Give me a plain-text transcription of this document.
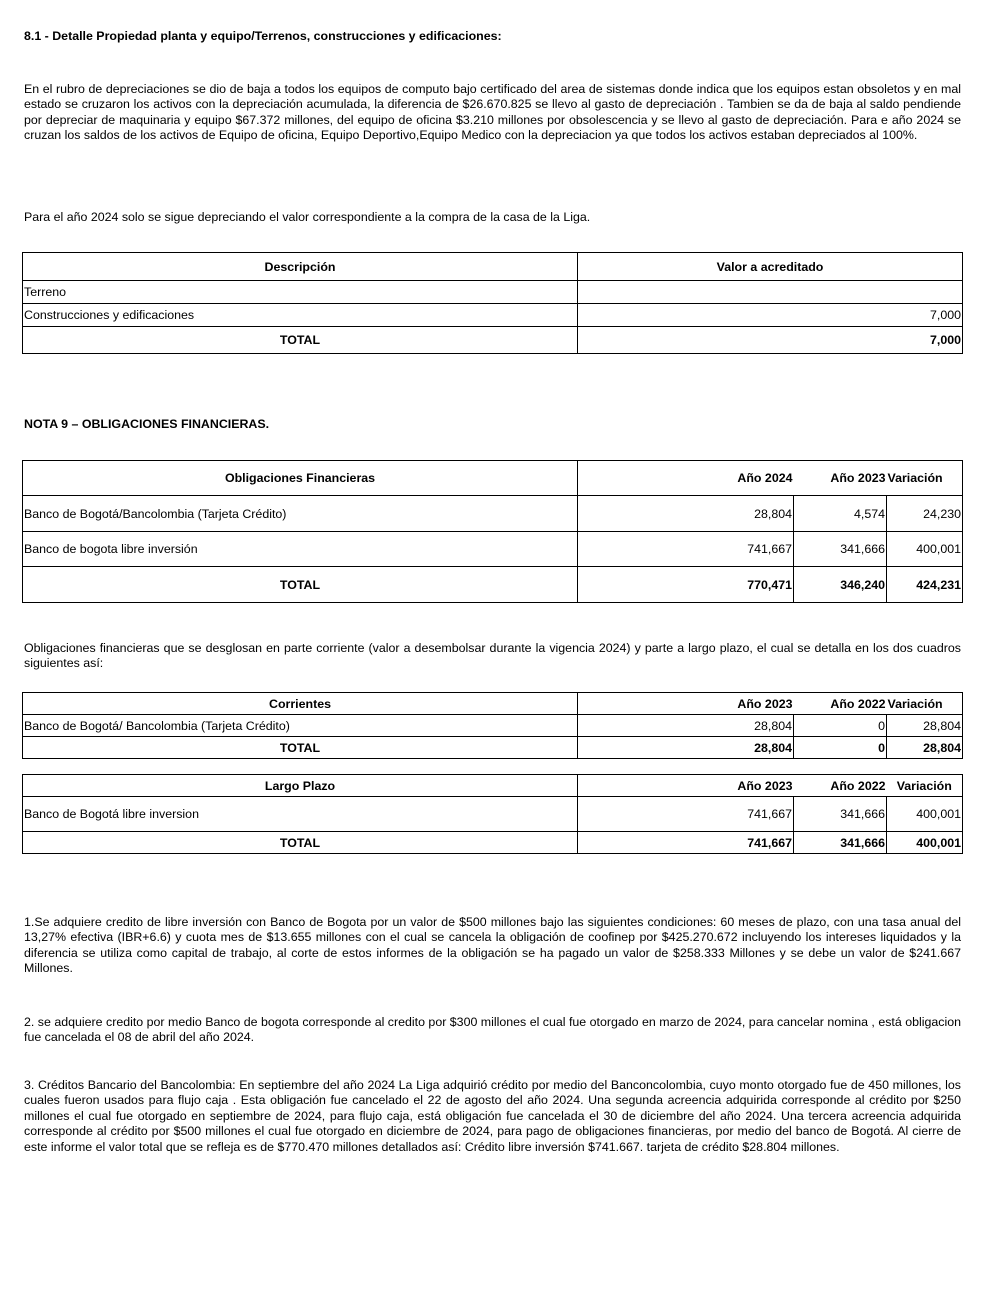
8.1 - Detalle Propiedad planta y equipo/Terrenos, construcciones y edificaciones:
En el rubro de depreciaciones se dio de baja a todos los equipos de computo bajo certificado del area de sistemas donde indica que los equipos estan obsoletos y en mal estado se cruzaron los activos con la depreciación acumulada, la diferencia de $26.670.825 se llevo al gasto de depreciación . Tambien se da de baja al saldo pendiende por depreciar de maquinaria y equipo $67.372 millones, del equipo de oficina $3.210 millones por obsolescencia y se llevo al gasto de depreciación. Para e año 2024 se cruzan los saldos de los activos de Equipo de oficina, Equipo Deportivo,Equipo Medico con la depreciacion ya que todos los activos estaban depreciados al 100%.
Para el año 2024 solo se sigue depreciando el valor correspondiente a la compra de la casa de la Liga.
Descripción	Valor a acreditado
Terreno	
Construcciones y edificaciones	7,000
TOTAL	7,000
NOTA 9 – OBLIGACIONES FINANCIERAS.
Obligaciones Financieras	Año 2024	Año 2023	Variación
Banco de Bogotá/Bancolombia (Tarjeta Crédito)	28,804	4,574	24,230
Banco de bogota libre inversión	741,667	341,666	400,001
TOTAL	770,471	346,240	424,231
Obligaciones financieras que se desglosan en parte corriente (valor a desembolsar durante la vigencia 2024) y parte a largo plazo, el cual se detalla en los dos cuadros siguientes así:
Corrientes	Año 2023	Año 2022	Variación
Banco de Bogotá/ Bancolombia (Tarjeta Crédito)	28,804	0	28,804
TOTAL	28,804	0	28,804
Largo Plazo	Año 2023	Año 2022	Variación
Banco de Bogotá libre inversion	741,667	341,666	400,001
TOTAL	741,667	341,666	400,001
1.Se adquiere credito de libre inversión con Banco de Bogota por un valor de $500 millones bajo las siguientes condiciones: 60 meses de plazo, con una tasa anual del 13,27% efectiva (IBR+6.6) y cuota mes de $13.655 millones con el cual se cancela la obligación de coofinep por $425.270.672 incluyendo los intereses liquidados y la diferencia se utiliza como capital de trabajo, al corte de estos informes de la obligación se ha pagado un valor de $258.333 Millones y se debe un valor de $241.667 Millones.
2. se adquiere credito por medio Banco de bogota corresponde al credito por $300 millones el cual fue otorgado en marzo de 2024, para cancelar nomina , está obligacion fue cancelada el 08 de abril del año 2024.
3. Créditos Bancario del Bancolombia: En septiembre del año 2024 La Liga adquirió crédito por medio del Banconcolombia, cuyo monto otorgado fue de 450 millones, los cuales fueron usados para flujo caja . Esta obligación fue cancelado el 22 de agosto del año 2024. Una segunda acreencia adquirida corresponde al crédito por $250 millones el cual fue otorgado en septiembre de 2024, para flujo caja, está obligación fue cancelada el 30 de diciembre del año 2024. Una tercera acreencia adquirida corresponde al crédito por $500 millones el cual fue otorgado en diciembre de 2024, para pago de obligaciones financieras, por medio del banco de Bogotá. Al cierre de este informe el valor total que se refleja es de $770.470 millones detallados así: Crédito libre inversión $741.667. tarjeta de crédito $28.804 millones.
